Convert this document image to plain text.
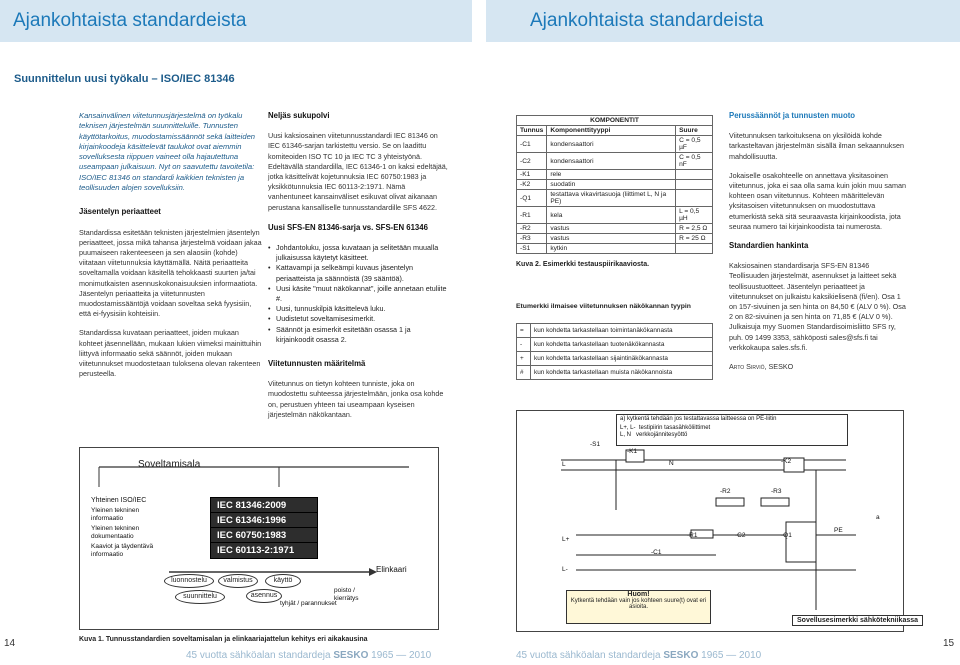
Ajankohtaista standardeista	Ajankohtaista standardeista
Suunnittelun uusi työkalu – ISO/IEC 81346
Kansainvälinen viitetunnusjärjestelmä on työkalu teknisen järjestelmän suunnitteluille. Tunnusten käyttötarkoitus, muodostamissäännöt sekä laitteiden kirjainkoodeja käsittelevät taulukot ovat aiemmin sovelluksesta riippuen vaineet olla hajautettuna useampaan julkaisuun. Nyt on saavutettu tavoitetila: ISO/IEC 81346 on standardi kaikkien teknisten ja teollisuuden alojen sovelluksiin.
Jäsentelyn periaatteet

Standardissa esitetään teknisten järjestelmien jäsentelyn periaatteet, jossa mikä tahansa järjestelmä voidaan jakaa puumaiseen rakenteeseen ja sen alaosiin (kohde) viitataan viitetunnuksia käyttämällä. Näitä periaatteita soveltamalla voidaan käsitellä tehokkaasti suurten ja/tai monimutkaisten asennuskokonaisuuksien informaatiota. Jäsentelyn periaatteita ja viitetunnusten muodostamissääntöjä voidaan soveltaa sekä fyysisiin, että ei-fyysisiin kohteisiin.

Standardissa kuvataan periaatteet, joiden mukaan kohteet jäsennellään, mukaan lukien viimeksi mainittuihin liittyvä informaatio sekä säännöt, joiden mukaan viitetunnukset muodostetaan tuloksena olevan rakenteen perusteella.

Neljäs sukupolvi

Uusi kaksiosainen viitetunnusstandardi IEC 81346 on IEC 61346-sarjan tarkistettu versio. Se on laadittu komiteoiden ISO TC 10 ja IEC TC 3 yhteistyönä. Edeltävällä standardilla, IEC 61346-1 on kaksi edeltäjää, jotka käsittelivät kojetunnuksia IEC 60750:1983 ja yksikkötunnuksia IEC 60113-2:1971. Nämä vanhentuneet kansainväliset esikuvat olivat aikanaan perustana kansalliselle tunnusstandardille SFS 4622.

Uusi SFS-EN 81346-sarja vs. SFS-EN 61346
• Johdantoluku, jossa kuvataan ja selitetään muualla julkaisussa käytetyt käsitteet.
• Kattavampi ja selkeämpi kuvaus jäsentelyn periaatteista ja säännöistä (39 sääntöä).
• Uusi käsite "muut näkökannat", joille annetaan etuliite #.
• Uusi, tunnuskilpiä käsittelevä luku.
• Uudistetut soveltamisesimerkit.
• Säännöt ja esimerkit esitetään osassa 1 ja kirjainkoodit osassa 2.
Viitetunnusten määritelmä

Viitetunnus on tietyn kohteen tunniste, joka on muodostettu suhteessa järjestelmään, jonka osa kohde on, perustuen yhteen tai useampaan kyseisen järjestelmän näkökantaan.

KOMPONENTIT		
Tunnus	Komponenttityyppi	Suure
-C1	kondensaattori	C = 0,5 µF
-C2	kondensaattori	C = 0,5 nF
-K1	rele	
-K2	suodatin	
-Q1	testattava vikavirtasuoja (liittimet L, N ja PE)	
-R1	kela	L = 0,5 µH
-R2	vastus	R = 2,5 Ω
-R3	vastus	R = 25 Ω
-S1	kytkin	
Kuva 2. Esimerkki testauspiirikaaviosta.
Etumerkki ilmaisee viitetunnuksen näkökannan tyypin
=	kun kohdetta tarkastellaan toimintanäkökannasta
-	kun kohdetta tarkastellaan tuotenäkökannasta
+	kun kohdetta tarkastellaan sijaintinäkökannasta
#	kun kohdetta tarkastellaan muista näkökannoista
Perussäännöt ja tunnusten muoto

Viitetunnuksen tarkoituksena on yksilöidä kohde tarkasteltavan järjestelmän sisällä ilman sekaannuksen mahdollisuutta.

Jokaiselle osakohteelle on annettava yksitasoinen viitetunnus, joka ei saa olla sama kuin jokin muu saman kohteen osan viitetunnus. Kohteen määrittelevän yksitasoisen viitetunnuksen on muodostuttava etumerkistä sekä sitä seuraavasta kirjainkoodista, jota seuraa numero tai kirjainkoodista tai numerosta.

Standardien hankinta

Kaksiosainen standardisarja SFS-EN 81346 Teollisuuden järjestelmät, asennukset ja laitteet sekä teollisuustuotteet. Jäsentelyn periaatteet ja viitetunnukset on julkaistu kaksikielisenä (fi/en). Osa 1 on 157-sivuinen ja sen hinta on 84,50 € (ALV 0 %). Osa 2 on 82-sivuinen ja sen hinta on 71,85 € (ALV 0 %). Julkaisuja myy Suomen Standardisoimisliitto SFS ry, puh. 09 1499 3353, sähköposti sales@sfs.fi tai verkkokaupa sales.sfs.fi.

Arto Sirviö, SESKO

Soveltamisala
Yhteinen ISO/IEC
Yleinen tekninen informaatio
Yleinen tekninen dokumentaatio
Kaaviot ja täydentävä informaatio
IEC 81346:2009
IEC 61346:1996
IEC 60750:1983
IEC 60113-2:1971
Elinkaari
luonnostelu	valmistus	käyttö
suunnittelu	asennus
poisto / kierrätys
tyhjät / parannukset
Kuva 1. Tunnusstandardien soveltamisalan ja elinkaariajattelun kehitys eri aikakausina
a) kytkentä tehdään jos testattavassa laitteessa on PE-liitin
L+, L-  testipiirin tasasähköliittimet
L, N   verkkojännitesyöttö
-S1
-K1
-K2
-R2	-R3
-R1	-C2	-Q1
-C1
L	N
L+
L-
PE
a
Huom!
Kytkentä tehdään vain jos kohteen suure(t) ovat eri asioita.
Sovellusesimerkki sähkötekniikassa
14	15
45 vuotta sähköalan standardeja SESKO 1965 — 2010	45 vuotta sähköalan standardeja SESKO 1965 — 2010
